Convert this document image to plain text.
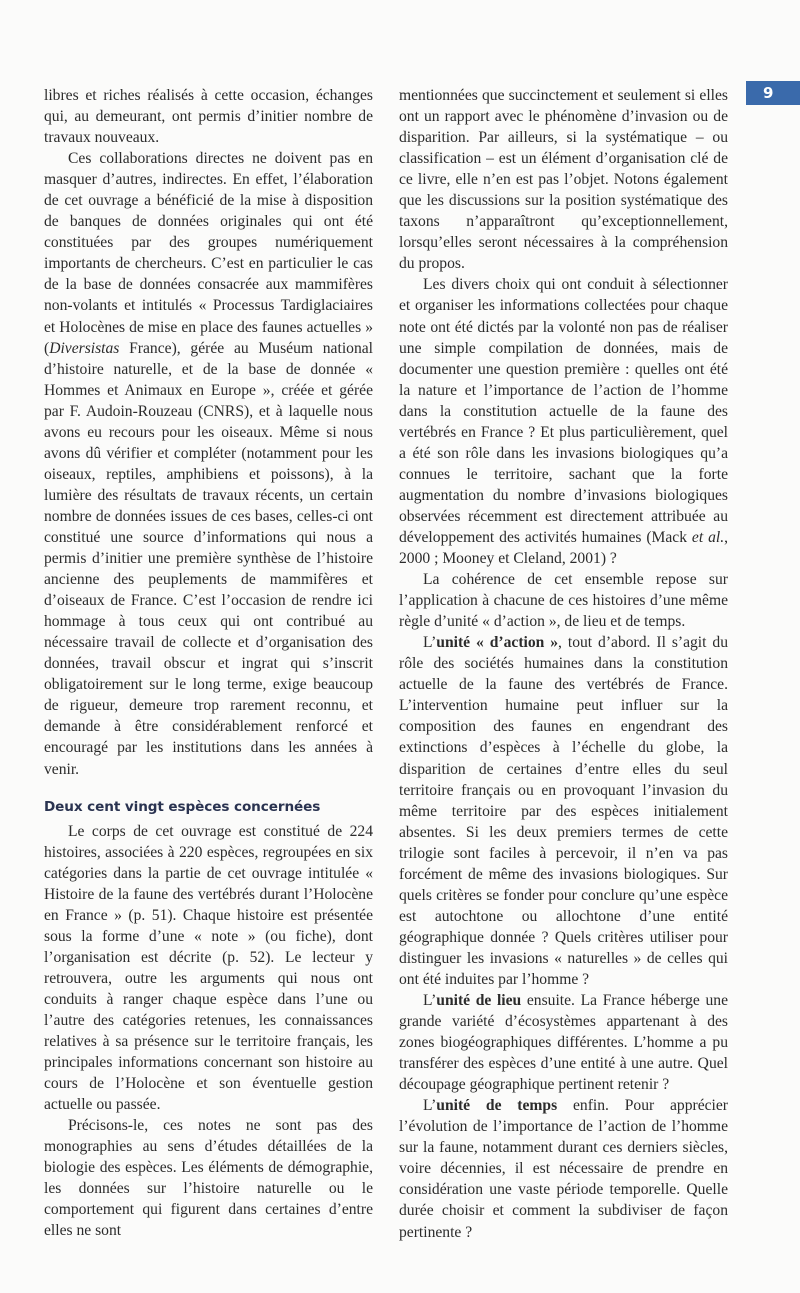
9

libres et riches réalisés à cette occasion, échanges qui, au demeurant, ont permis d’initier nombre de travaux nouveaux.

Ces collaborations directes ne doivent pas en masquer d’autres, indirectes. En effet, l’élaboration de cet ouvrage a bénéficié de la mise à disposition de banques de données originales qui ont été constituées par des groupes numériquement importants de chercheurs. C’est en particulier le cas de la base de données consacrée aux mammifères non-volants et intitulés « Processus Tardiglaciaires et Holocènes de mise en place des faunes actuelles » (Diversistas France), gérée au Muséum national d’histoire naturelle, et de la base de donnée « Hommes et Animaux en Europe », créée et gérée par F. Audoin-Rouzeau (CNRS), et à laquelle nous avons eu recours pour les oiseaux. Même si nous avons dû vérifier et compléter (notamment pour les oiseaux, reptiles, amphibiens et poissons), à la lumière des résultats de travaux récents, un certain nombre de données issues de ces bases, celles-ci ont constitué une source d’informations qui nous a permis d’initier une première synthèse de l’histoire ancienne des peuplements de mammifères et d’oiseaux de France. C’est l’occasion de rendre ici hommage à tous ceux qui ont contribué au nécessaire travail de collecte et d’organisation des données, travail obscur et ingrat qui s’inscrit obligatoirement sur le long terme, exige beaucoup de rigueur, demeure trop rarement reconnu, et demande à être considérablement renforcé et encouragé par les institutions dans les années à venir.

Deux cent vingt espèces concernées

Le corps de cet ouvrage est constitué de 224 histoires, associées à 220 espèces, regroupées en six catégories dans la partie de cet ouvrage intitulée « Histoire de la faune des vertébrés durant l’Holocène en France » (p. 51). Chaque histoire est présentée sous la forme d’une « note » (ou fiche), dont l’organisation est décrite (p. 52). Le lecteur y retrouvera, outre les arguments qui nous ont conduits à ranger chaque espèce dans l’une ou l’autre des catégories retenues, les connaissances relatives à sa présence sur le territoire français, les principales informations concernant son histoire au cours de l’Holocène et son éventuelle gestion actuelle ou passée.

Précisons-le, ces notes ne sont pas des monographies au sens d’études détaillées de la biologie des espèces. Les éléments de démographie, les données sur l’histoire naturelle ou le comportement qui figurent dans certaines d’entre elles ne sont

mentionnées que succinctement et seulement si elles ont un rapport avec le phénomène d’invasion ou de disparition. Par ailleurs, si la systématique – ou classification – est un élément d’organisation clé de ce livre, elle n’en est pas l’objet. Notons également que les discussions sur la position systématique des taxons n’apparaîtront qu’exceptionnellement, lorsqu’elles seront nécessaires à la compréhension du propos.

Les divers choix qui ont conduit à sélectionner et organiser les informations collectées pour chaque note ont été dictés par la volonté non pas de réaliser une simple compilation de données, mais de documenter une question première : quelles ont été la nature et l’importance de l’action de l’homme dans la constitution actuelle de la faune des vertébrés en France ? Et plus particulièrement, quel a été son rôle dans les invasions biologiques qu’a connues le territoire, sachant que la forte augmentation du nombre d’invasions biologiques observées récemment est directement attribuée au développement des activités humaines (Mack et al., 2000 ; Mooney et Cleland, 2001) ?

La cohérence de cet ensemble repose sur l’application à chacune de ces histoires d’une même règle d’unité « d’action », de lieu et de temps.

L’unité « d’action », tout d’abord. Il s’agit du rôle des sociétés humaines dans la constitution actuelle de la faune des vertébrés de France. L’intervention humaine peut influer sur la composition des faunes en engendrant des extinctions d’espèces à l’échelle du globe, la disparition de certaines d’entre elles du seul territoire français ou en provoquant l’invasion du même territoire par des espèces initialement absentes. Si les deux premiers termes de cette trilogie sont faciles à percevoir, il n’en va pas forcément de même des invasions biologiques. Sur quels critères se fonder pour conclure qu’une espèce est autochtone ou allochtone d’une entité géographique donnée ? Quels critères utiliser pour distinguer les invasions « naturelles » de celles qui ont été induites par l’homme ?

L’unité de lieu ensuite. La France héberge une grande variété d’écosystèmes appartenant à des zones biogéographiques différentes. L’homme a pu transférer des espèces d’une entité à une autre. Quel découpage géographique pertinent retenir ?

L’unité de temps enfin. Pour apprécier l’évolution de l’importance de l’action de l’homme sur la faune, notamment durant ces derniers siècles, voire décennies, il est nécessaire de prendre en considération une vaste période temporelle. Quelle durée choisir et comment la subdiviser de façon pertinente ?
